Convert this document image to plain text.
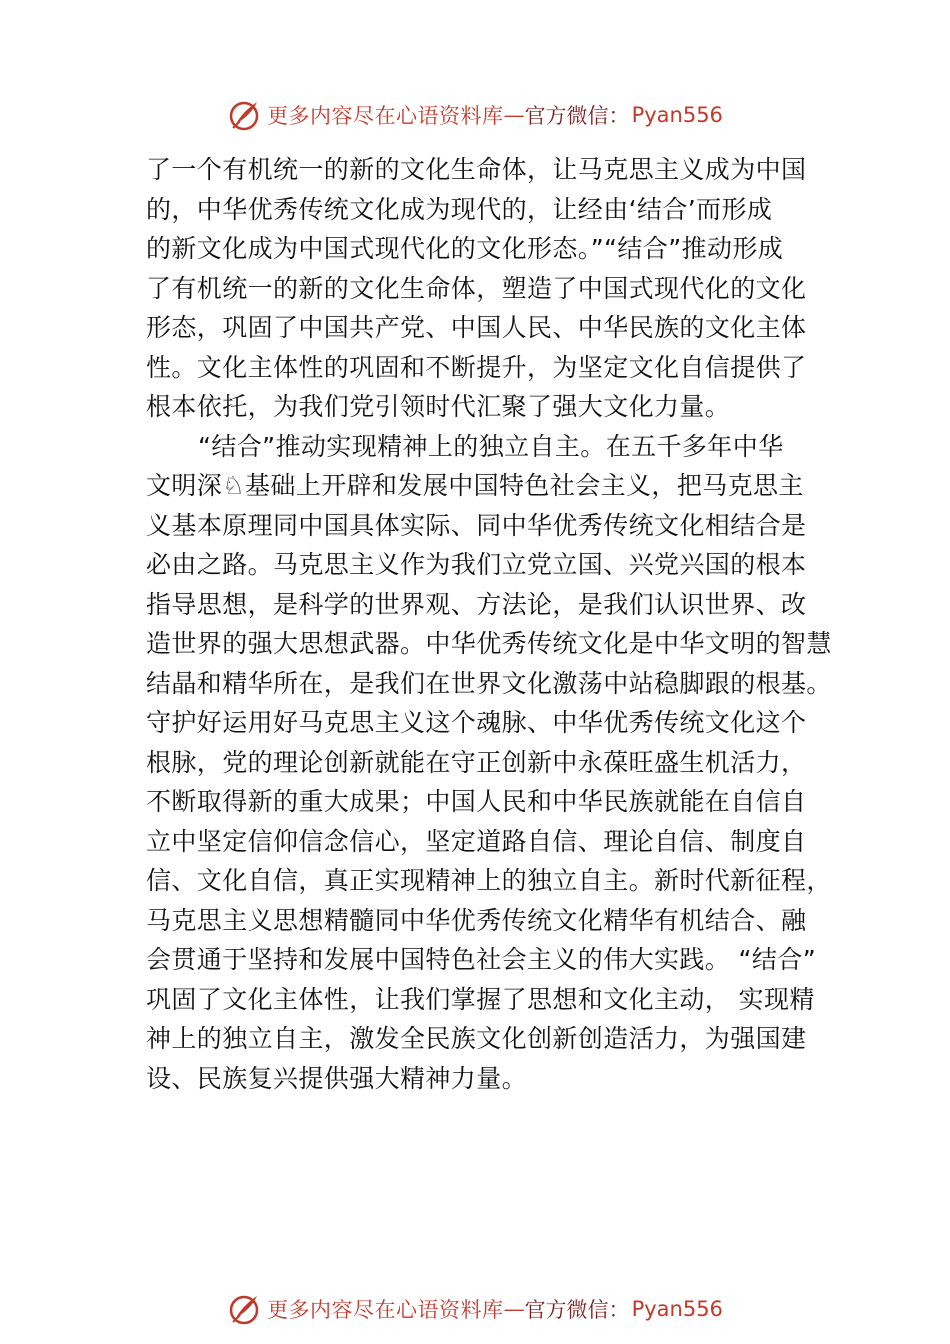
更多内容尽在心语资料库 — 官方微信： Pyan556
了一个有机统一的新的文化生命体，让马克思主义成为中国
的，中华优秀传统文化成为现代的，让经由‘结合’而形成
的新文化成为中国式现代化的文化形态。”“结合”推动形成
了有机统一的新的文化生命体，塑造了中国式现代化的文化
形态，巩固了中国共产党、中国人民、中华民族的文化主体
性。文化主体性的巩固和不断提升，为坚定文化自信提供了
根本依托，为我们党引领时代汇聚了强大文化力量。
“结合”推动实现精神上的独立自主。在五千多年中华
文明深♘基础上开辟和发展中国特色社会主义，把马克思主
义基本原理同中国具体实际、同中华优秀传统文化相结合是
必由之路。马克思主义作为我们立党立国、兴党兴国的根本
指导思想，是科学的世界观、方法论，是我们认识世界、改
造世界的强大思想武器。中华优秀传统文化是中华文明的智慧
结晶和精华所在，是我们在世界文化激荡中站稳脚跟的根基。
守护好运用好马克思主义这个魂脉、中华优秀传统文化这个
根脉，党的理论创新就能在守正创新中永葆旺盛生机活力，
不断取得新的重大成果；中国人民和中华民族就能在自信自
立中坚定信仰信念信心，坚定道路自信、理论自信、制度自
信、文化自信，真正实现精神上的独立自主。新时代新征程，
马克思主义思想精髓同中华优秀传统文化精华有机结合、融
会贯通于坚持和发展中国特色社会主义的伟大实践。 “结合”
巩固了文化主体性，让我们掌握了思想和文化主动， 实现精
神上的独立自主，激发全民族文化创新创造活力，为强国建
设、民族复兴提供强大精神力量。
更多内容尽在心语资料库 — 官方微信： Pyan556
